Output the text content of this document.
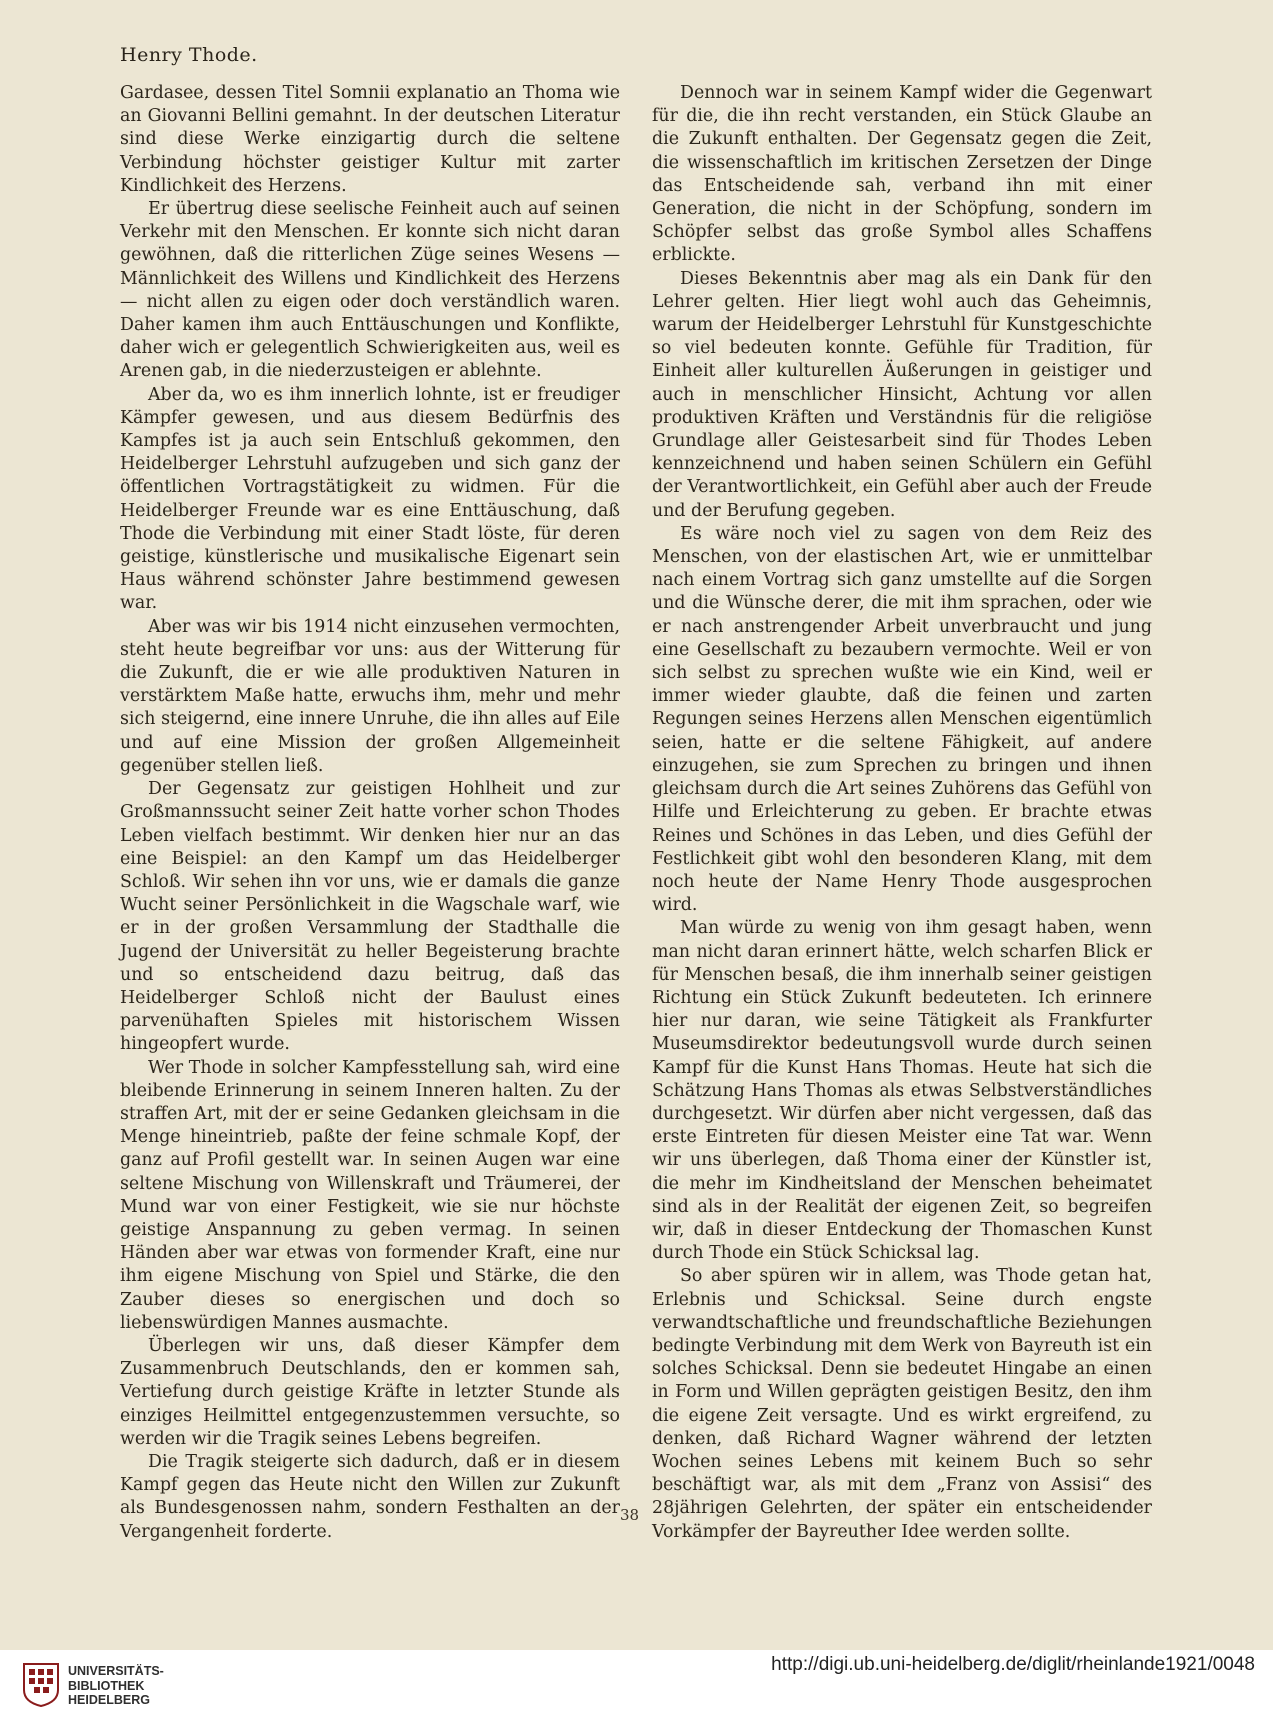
Henry Thode.

Gardasee, dessen Titel Somnii explanatio an Thoma wie an Giovanni Bellini gemahnt. In der deutschen Literatur sind diese Werke einzigartig durch die seltene Verbindung höchster geistiger Kultur mit zarter Kindlichkeit des Herzens.

Er übertrug diese seelische Feinheit auch auf seinen Verkehr mit den Menschen. Er konnte sich nicht daran gewöhnen, daß die ritterlichen Züge seines Wesens — Männlichkeit des Willens und Kindlichkeit des Herzens — nicht allen zu eigen oder doch verständlich waren. Daher kamen ihm auch Enttäuschungen und Konflikte, daher wich er gelegentlich Schwierigkeiten aus, weil es Arenen gab, in die niederzusteigen er ablehnte.

Aber da, wo es ihm innerlich lohnte, ist er freudiger Kämpfer gewesen, und aus diesem Bedürfnis des Kampfes ist ja auch sein Entschluß gekommen, den Heidelberger Lehrstuhl aufzugeben und sich ganz der öffentlichen Vortragstätigkeit zu widmen. Für die Heidelberger Freunde war es eine Enttäuschung, daß Thode die Verbindung mit einer Stadt löste, für deren geistige, künstlerische und musikalische Eigenart sein Haus während schönster Jahre bestimmend gewesen war.

Aber was wir bis 1914 nicht einzusehen vermochten, steht heute begreifbar vor uns: aus der Witterung für die Zukunft, die er wie alle produktiven Naturen in verstärktem Maße hatte, erwuchs ihm, mehr und mehr sich steigernd, eine innere Unruhe, die ihn alles auf Eile und auf eine Mission der großen Allgemeinheit gegenüber stellen ließ.

Der Gegensatz zur geistigen Hohlheit und zur Großmannssucht seiner Zeit hatte vorher schon Thodes Leben vielfach bestimmt. Wir denken hier nur an das eine Beispiel: an den Kampf um das Heidelberger Schloß. Wir sehen ihn vor uns, wie er damals die ganze Wucht seiner Persönlichkeit in die Wagschale warf, wie er in der großen Versammlung der Stadthalle die Jugend der Universität zu heller Begeisterung brachte und so entscheidend dazu beitrug, daß das Heidelberger Schloß nicht der Baulust eines parvenühaften Spieles mit historischem Wissen hingeopfert wurde.

Wer Thode in solcher Kampfesstellung sah, wird eine bleibende Erinnerung in seinem Inneren halten. Zu der straffen Art, mit der er seine Gedanken gleichsam in die Menge hineintrieb, paßte der feine schmale Kopf, der ganz auf Profil gestellt war. In seinen Augen war eine seltene Mischung von Willenskraft und Träumerei, der Mund war von einer Festigkeit, wie sie nur höchste geistige Anspannung zu geben vermag. In seinen Händen aber war etwas von formender Kraft, eine nur ihm eigene Mischung von Spiel und Stärke, die den Zauber dieses so energischen und doch so liebenswürdigen Mannes ausmachte.

Überlegen wir uns, daß dieser Kämpfer dem Zusammenbruch Deutschlands, den er kommen sah, Vertiefung durch geistige Kräfte in letzter Stunde als einziges Heilmittel entgegenzustemmen versuchte, so werden wir die Tragik seines Lebens begreifen.

Die Tragik steigerte sich dadurch, daß er in diesem Kampf gegen das Heute nicht den Willen zur Zukunft als Bundesgenossen nahm, sondern Festhalten an der Vergangenheit forderte.

Dennoch war in seinem Kampf wider die Gegenwart für die, die ihn recht verstanden, ein Stück Glaube an die Zukunft enthalten. Der Gegensatz gegen die Zeit, die wissenschaftlich im kritischen Zersetzen der Dinge das Entscheidende sah, verband ihn mit einer Generation, die nicht in der Schöpfung, sondern im Schöpfer selbst das große Symbol alles Schaffens erblickte.

Dieses Bekenntnis aber mag als ein Dank für den Lehrer gelten. Hier liegt wohl auch das Geheimnis, warum der Heidelberger Lehrstuhl für Kunstgeschichte so viel bedeuten konnte. Gefühle für Tradition, für Einheit aller kulturellen Äußerungen in geistiger und auch in menschlicher Hinsicht, Achtung vor allen produktiven Kräften und Verständnis für die religiöse Grundlage aller Geistesarbeit sind für Thodes Leben kennzeichnend und haben seinen Schülern ein Gefühl der Verantwortlichkeit, ein Gefühl aber auch der Freude und der Berufung gegeben.

Es wäre noch viel zu sagen von dem Reiz des Menschen, von der elastischen Art, wie er unmittelbar nach einem Vortrag sich ganz umstellte auf die Sorgen und die Wünsche derer, die mit ihm sprachen, oder wie er nach anstrengender Arbeit unverbraucht und jung eine Gesellschaft zu bezaubern vermochte. Weil er von sich selbst zu sprechen wußte wie ein Kind, weil er immer wieder glaubte, daß die feinen und zarten Regungen seines Herzens allen Menschen eigentümlich seien, hatte er die seltene Fähigkeit, auf andere einzugehen, sie zum Sprechen zu bringen und ihnen gleichsam durch die Art seines Zuhörens das Gefühl von Hilfe und Erleichterung zu geben. Er brachte etwas Reines und Schönes in das Leben, und dies Gefühl der Festlichkeit gibt wohl den besonderen Klang, mit dem noch heute der Name Henry Thode ausgesprochen wird.

Man würde zu wenig von ihm gesagt haben, wenn man nicht daran erinnert hätte, welch scharfen Blick er für Menschen besaß, die ihm innerhalb seiner geistigen Richtung ein Stück Zukunft bedeuteten. Ich erinnere hier nur daran, wie seine Tätigkeit als Frankfurter Museumsdirektor bedeutungsvoll wurde durch seinen Kampf für die Kunst Hans Thomas. Heute hat sich die Schätzung Hans Thomas als etwas Selbstverständliches durchgesetzt. Wir dürfen aber nicht vergessen, daß das erste Eintreten für diesen Meister eine Tat war. Wenn wir uns überlegen, daß Thoma einer der Künstler ist, die mehr im Kindheitsland der Menschen beheimatet sind als in der Realität der eigenen Zeit, so begreifen wir, daß in dieser Entdeckung der Thomaschen Kunst durch Thode ein Stück Schicksal lag.

So aber spüren wir in allem, was Thode getan hat, Erlebnis und Schicksal. Seine durch engste verwandtschaftliche und freundschaftliche Beziehungen bedingte Verbindung mit dem Werk von Bayreuth ist ein solches Schicksal. Denn sie bedeutet Hingabe an einen in Form und Willen geprägten geistigen Besitz, den ihm die eigene Zeit versagte. Und es wirkt ergreifend, zu denken, daß Richard Wagner während der letzten Wochen seines Lebens mit keinem Buch so sehr beschäftigt war, als mit dem „Franz von Assisi“ des 28jährigen Gelehrten, der später ein entscheidender Vorkämpfer der Bayreuther Idee werden sollte.

38
UNIVERSITÄTS-
BIBLIOTHEK
HEIDELBERG
http://digi.ub.uni-heidelberg.de/diglit/rheinlande1921/0048
